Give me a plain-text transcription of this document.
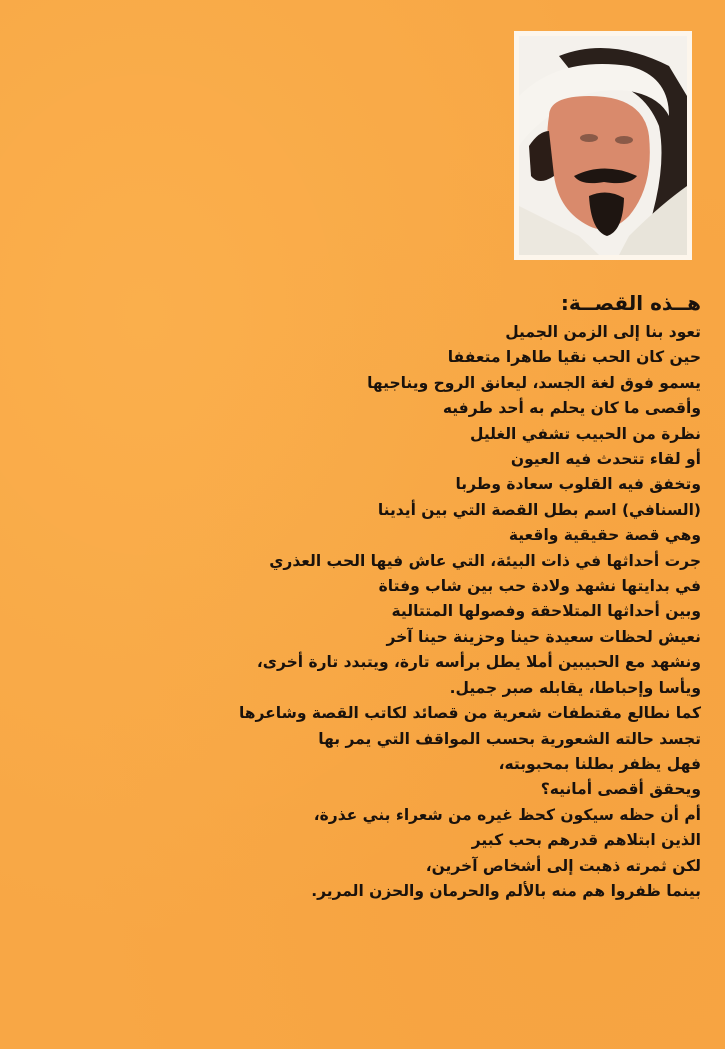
هــذه القصــة:
تعود بنا إلى الزمن الجميل
حين كان الحب نقيا طاهرا متعففا
يسمو فوق لغة الجسد، ليعانق الروح ويناجيها
وأقصى ما كان يحلم به أحد طرفيه
نظرة من الحبيب تشفي الغليل
أو لقاء تتحدث فيه العيون
وتخفق فيه القلوب سعادة وطربا
(السنافي) اسم بطل القصة التي بين أيدينا
وهي قصة حقيقية واقعية
جرت أحداثها في ذات البيئة، التي عاش فيها الحب العذري
في بدايتها نشهد ولادة حب بين شاب وفتاة
وبين أحداثها المتلاحقة وفصولها المتتالية
نعيش لحظات سعيدة حينا وحزينة حينا آخر
ونشهد مع الحبيبين أملا يطل برأسه تارة، ويتبدد تارة أخرى،
ويأسا وإحباطا، يقابله صبر جميل.
كما نطالع مقتطفات شعرية من قصائد لكاتب القصة وشاعرها
تجسد حالته الشعورية بحسب المواقف التي يمر بها
فهل يظفر بطلنا بمحبوبته،
ويحقق أقصى أمانيه؟
أم أن حظه سيكون كحظ غيره من شعراء بني عذرة،
الذين ابتلاهم قدرهم بحب كبير
لكن ثمرته ذهبت إلى أشخاص آخرين،
بينما ظفروا هم منه بالألم والحرمان والحزن المرير.
